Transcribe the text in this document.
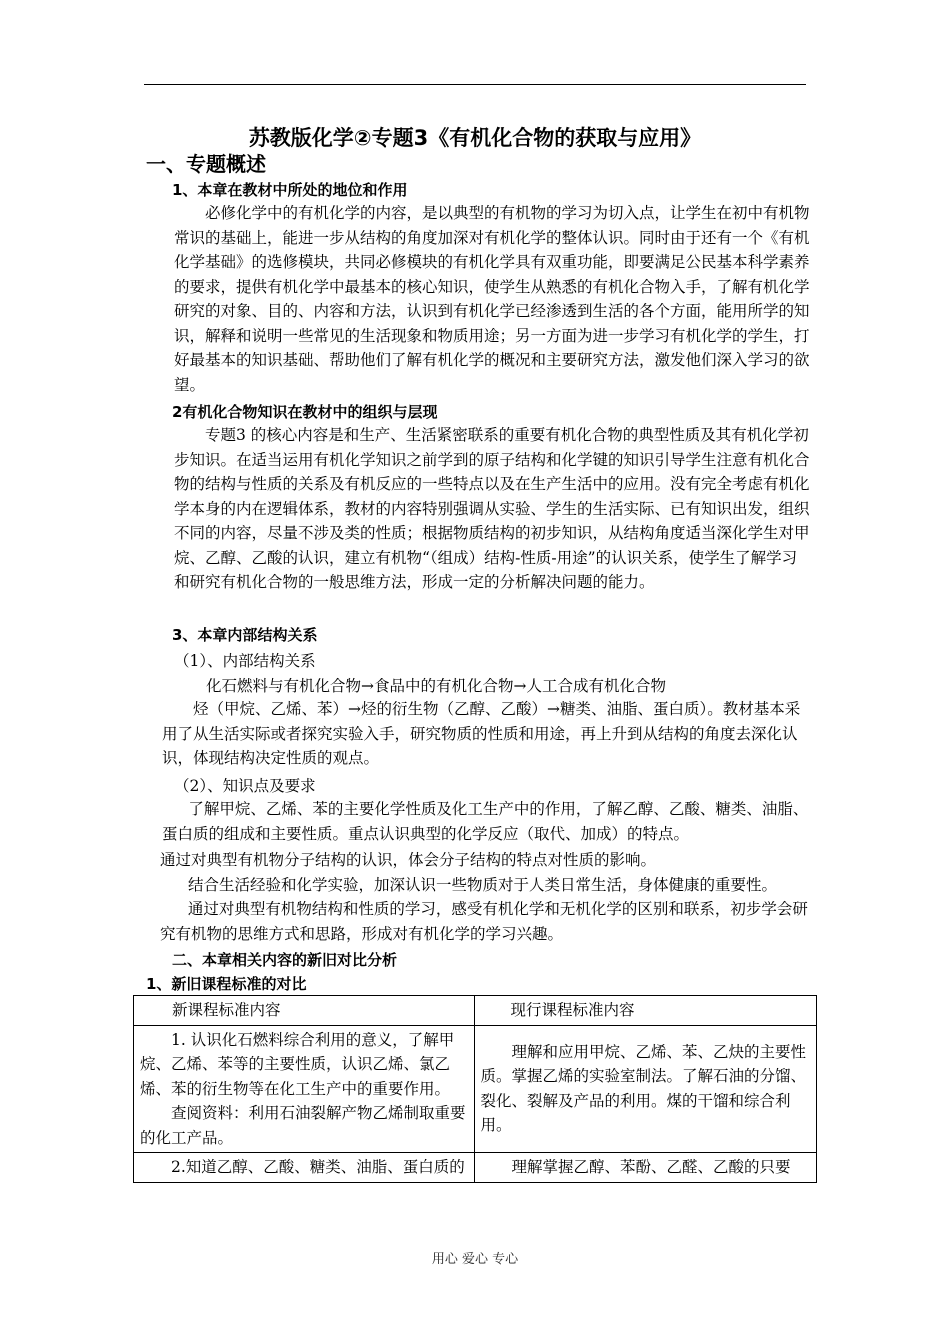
苏教版化学②专题3《有机化合物的获取与应用》
一、专题概述
1、本章在教材中所处的地位和作用

必修化学中的有机化学的内容，是以典型的有机物的学习为切入点，让学生在初中有机物常识的基础上，能进一步从结构的角度加深对有机化学的整体认识。同时由于还有一个《有机化学基础》的选修模块，共同必修模块的有机化学具有双重功能，即要满足公民基本科学素养的要求，提供有机化学中最基本的核心知识，使学生从熟悉的有机化合物入手，了解有机化学研究的对象、目的、内容和方法，认识到有机化学已经渗透到生活的各个方面，能用所学的知识，解释和说明一些常见的生活现象和物质用途；另一方面为进一步学习有机化学的学生，打好最基本的知识基础、帮助他们了解有机化学的概况和主要研究方法，激发他们深入学习的欲望。

2有机化合物知识在教材中的组织与层现

专题3 的核心内容是和生产、生活紧密联系的重要有机化合物的典型性质及其有机化学初步知识。在适当运用有机化学知识之前学到的原子结构和化学键的知识引导学生注意有机化合物的结构与性质的关系及有机反应的一些特点以及在生产生活中的应用。没有完全考虑有机化学本身的内在逻辑体系，教材的内容特别强调从实验、学生的生活实际、已有知识出发，组织不同的内容，尽量不涉及类的性质；根据物质结构的初步知识，从结构角度适当深化学生对甲烷、乙醇、乙酸的认识，建立有机物“（组成）结构-性质-用途”的认识关系，使学生了解学习和研究有机化合物的一般思维方法，形成一定的分析解决问题的能力。

3、本章内部结构关系
（1）、内部结构关系
化石燃料与有机化合物→食品中的有机化合物→人工合成有机化合物

烃（甲烷、乙烯、苯）→烃的衍生物（乙醇、乙酸）→糖类、油脂、蛋白质）。教材基本采用了从生活实际或者探究实验入手，研究物质的性质和用途，再上升到从结构的角度去深化认识，体现结构决定性质的观点。

（2）、知识点及要求

了解甲烷、乙烯、苯的主要化学性质及化工生产中的作用，了解乙醇、乙酸、糖类、油脂、蛋白质的组成和主要性质。重点认识典型的化学反应（取代、加成）的特点。

通过对典型有机物分子结构的认识，体会分子结构的特点对性质的影响。
结合生活经验和化学实验，加深认识一些物质对于人类日常生活，身体健康的重要性。

通过对典型有机物结构和性质的学习，感受有机化学和无机化学的区别和联系，初步学会研究有机物的思维方式和思路，形成对有机化学的学习兴趣。

二、本章相关内容的新旧对比分析
1、新旧课程标准的对比
新课程标准内容	现行课程标准内容

1. 认识化石燃料综合利用的意义，了解甲烷、乙烯、苯等的主要性质，认识乙烯、氯乙烯、苯的衍生物等在化工生产中的重要作用。
查阅资料：利用石油裂解产物乙烯制取重要的化工产品。	理解和应用甲烷、乙烯、苯、乙炔的主要性质。掌握乙烯的实验室制法。了解石油的分馏、裂化、裂解及产品的利用。煤的干馏和综合利用。

2.知道乙醇、乙酸、糖类、油脂、蛋白质的	理解掌握乙醇、苯酚、乙醛、乙酸的只要
用心 爱心 专心
